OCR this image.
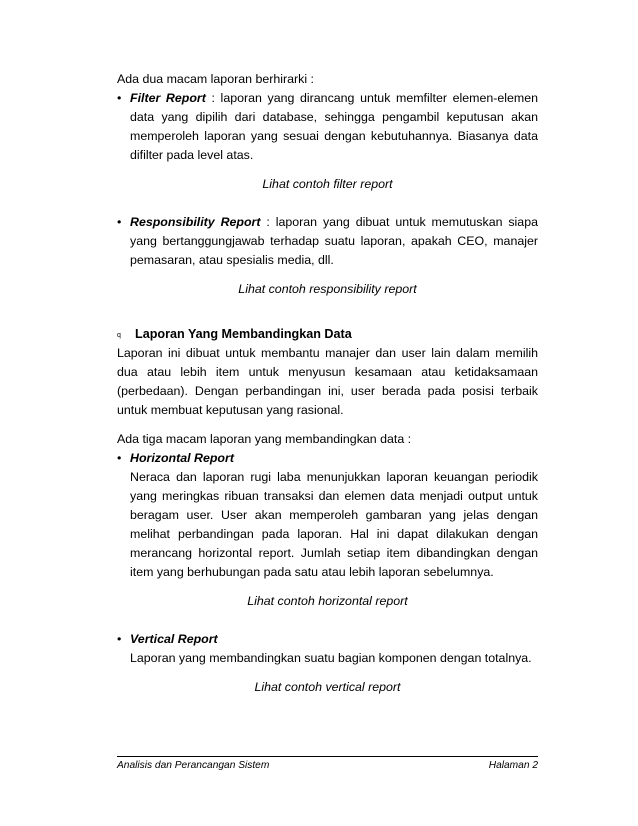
Ada dua macam laporan berhirarki :

• Filter Report : laporan yang dirancang untuk memfilter elemen-elemen data yang dipilih dari database, sehingga pengambil keputusan akan memperoleh laporan yang sesuai dengan kebutuhannya. Biasanya data difilter pada level atas.

Lihat contoh filter report

• Responsibility Report : laporan yang dibuat untuk memutuskan siapa yang bertanggungjawab terhadap suatu laporan, apakah CEO, manajer pemasaran, atau spesialis media, dll.

Lihat contoh responsibility report

q Laporan Yang Membandingkan Data

Laporan ini dibuat untuk membantu manajer dan user lain dalam memilih dua atau lebih item untuk menyusun kesamaan atau ketidaksamaan (perbedaan). Dengan perbandingan ini, user berada pada posisi terbaik untuk membuat keputusan yang rasional.

Ada tiga macam laporan yang membandingkan data :

• Horizontal Report

Neraca dan laporan rugi laba menunjukkan laporan keuangan periodik yang meringkas ribuan transaksi dan elemen data menjadi output untuk beragam user. User akan memperoleh gambaran yang jelas dengan melihat perbandingan pada laporan. Hal ini dapat dilakukan dengan merancang horizontal report. Jumlah setiap item dibandingkan dengan item yang berhubungan pada satu atau lebih laporan sebelumnya.

Lihat contoh horizontal report

• Vertical Report

Laporan yang membandingkan suatu bagian komponen dengan totalnya.

Lihat contoh vertical report

Analisis dan Perancangan Sistem	Halaman 2
